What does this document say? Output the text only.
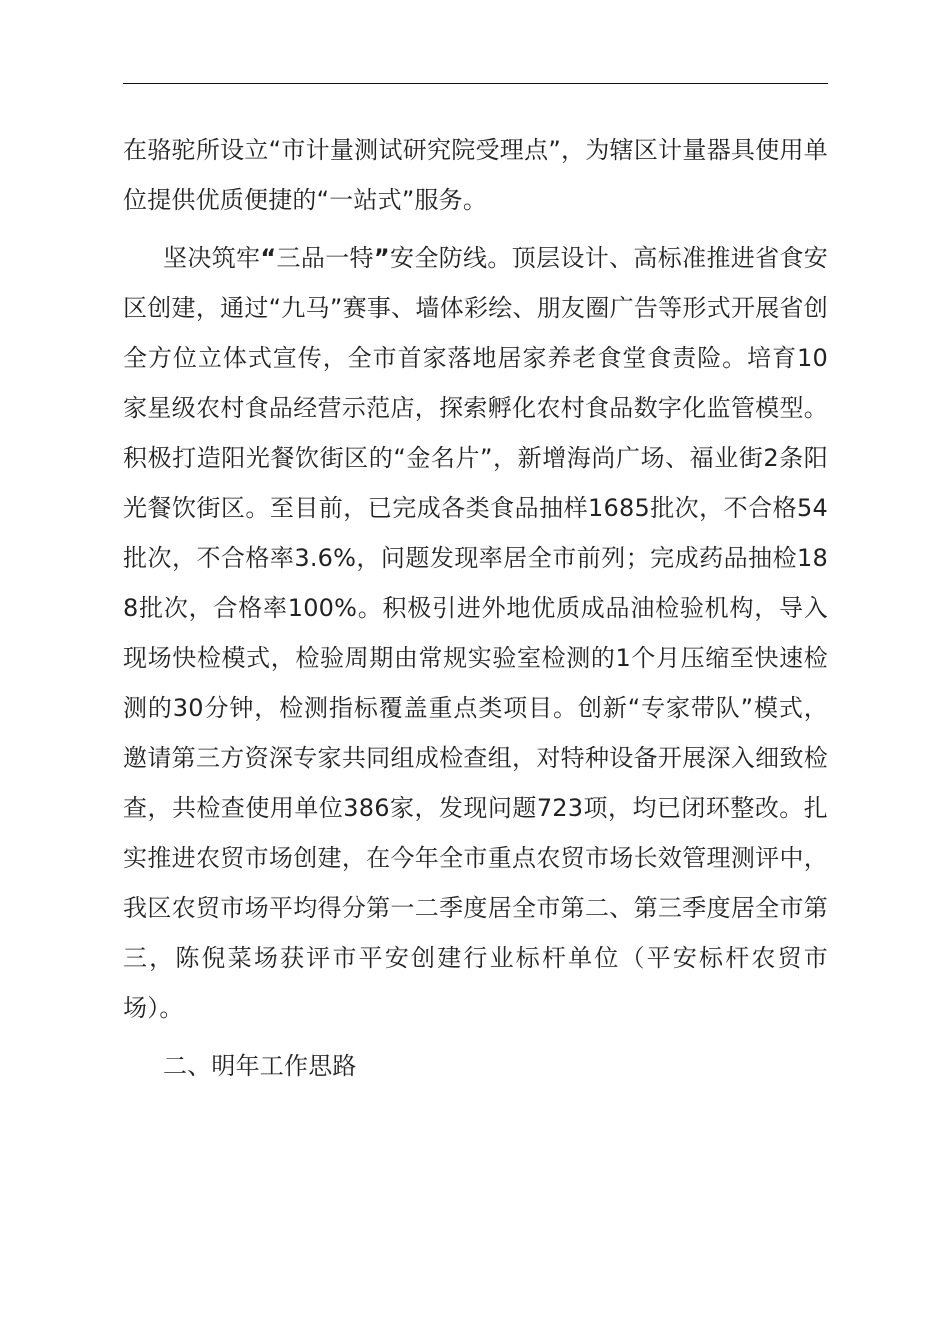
在骆驼所设立“市计量测试研究院受理点”，为辖区计量器具使用单位提供优质便捷的“一站式”服务。

坚决筑牢“三品一特”安全防线。顶层设计、高标准推进省食安区创建，通过“九马”赛事、墙体彩绘、朋友圈广告等形式开展省创全方位立体式宣传，全市首家落地居家养老食堂食责险。培育10家星级农村食品经营示范店，探索孵化农村食品数字化监管模型。积极打造阳光餐饮街区的“金名片”，新增海尚广场、福业街2条阳光餐饮街区。至目前，已完成各类食品抽样1685批次，不合格54批次，不合格率3.6%，问题发现率居全市前列；完成药品抽检188批次，合格率100%。积极引进外地优质成品油检验机构，导入现场快检模式，检验周期由常规实验室检测的1个月压缩至快速检测的30分钟，检测指标覆盖重点类项目。创新“专家带队”模式，邀请第三方资深专家共同组成检查组，对特种设备开展深入细致检查，共检查使用单位386家，发现问题723项，均已闭环整改。扎实推进农贸市场创建，在今年全市重点农贸市场长效管理测评中，我区农贸市场平均得分第一二季度居全市第二、第三季度居全市第三，陈倪菜场获评市平安创建行业标杆单位（平安标杆农贸市场）。

二、明年工作思路
